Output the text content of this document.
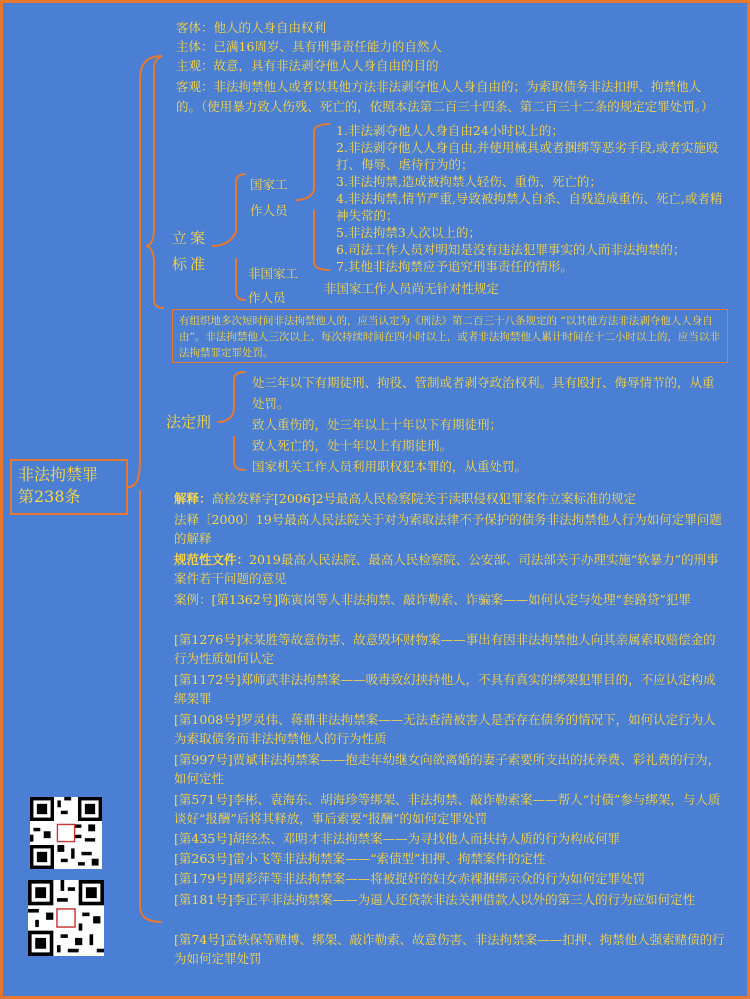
非法拘禁罪
第238条
客体：他人的人身自由权利
主体：已满16周岁、具有刑事责任能力的自然人
主观：故意，具有非法剥夺他人人身自由的目的
客观：非法拘禁他人或者以其他方法非法剥夺他人人身自由的；为索取债务非法扣押、拘禁他人的。（使用暴力致人伤残、死亡的，依照本法第二百三十四条、第二百三十二条的规定定罪处罚。）
立案
标准
国家工
作人员
非国家工
作人员
1.非法剥夺他人人身自由24小时以上的；
2.非法剥夺他人人身自由,并使用械具或者捆绑等恶劣手段,或者实施殴打、侮辱、虐待行为的；
3.非法拘禁,造成被拘禁人轻伤、重伤、死亡的；
4.非法拘禁,情节严重,导致被拘禁人自杀、自残造成重伤、死亡,或者精神失常的；
5.非法拘禁3人次以上的；
6.司法工作人员对明知是没有违法犯罪事实的人而非法拘禁的；
7.其他非法拘禁应予追究刑事责任的情形。
非国家工作人员尚无针对性规定
有组织地多次短时间非法拘禁他人的，应当认定为《刑法》第二百三十八条规定的 “以其他方法非法剥夺他人人身自由”。非法拘禁他人三次以上、每次持续时间在四小时以上，或者非法拘禁他人累计时间在十二小时以上的，应当以非法拘禁罪定罪处罚。
法定刑
处三年以下有期徒刑、拘役、管制或者剥夺政治权利。具有殴打、侮辱情节的，从重处罚。
致人重伤的，处三年以上十年以下有期徒刑；
致人死亡的，处十年以上有期徒刑。
国家机关工作人员利用职权犯本罪的，从重处罚。
解释：高检发释字[2006]2号最高人民检察院关于渎职侵权犯罪案件立案标准的规定
法释〔2000〕19号最高人民法院关于对为索取法律不予保护的债务非法拘禁他人行为如何定罪问题的解释
规范性文件：2019最高人民法院、最高人民检察院、公安部、司法部关于办理实施“软暴力”的刑事案件若干问题的意见
案例：[第1362号]陈寅岗等人非法拘禁、敲诈勒索、诈骗案——如何认定与处理“套路贷”犯罪
[第1276号]宋某胜等故意伤害、故意毁坏财物案——事出有因非法拘禁他人向其亲属索取赔偿金的行为性质如何认定
[第1172号]郑师武非法拘禁案——吸毒致幻挟持他人，不具有真实的绑架犯罪目的，不应认定构成绑架罪
[第1008号]罗灵伟、蒋鼎非法拘禁案——无法查清被害人是否存在债务的情况下，如何认定行为人为索取债务而非法拘禁他人的行为性质
[第997号]贾斌非法拘禁案——抱走年幼继女向欲离婚的妻子索要所支出的抚养费、彩礼费的行为，如何定性
[第571号]李彬、袁海东、胡海珍等绑架、非法拘禁、敲诈勒索案——帮人“讨债”参与绑架，与人质谈好“报酬”后将其释放，事后索要“报酬”的如何定罪处罚
[第435号]胡经杰、邓明才非法拘禁案——为寻找他人而扶持人质的行为构成何罪
[第263号]雷小飞等非法拘禁案——“索债型”扣押、拘禁案件的定性
[第179号]周彩萍等非法拘禁案——将被捉奸的妇女赤裸捆绑示众的行为如何定罪处罚
[第181号]李正平非法拘禁案——为逼人还贷款非法关押借款人以外的第三人的行为应如何定性
[第74号]孟铁保等赌博、绑架、敲诈勒索、故意伤害、非法拘禁案——扣押、拘禁他人强索赌债的行为如何定罪处罚
